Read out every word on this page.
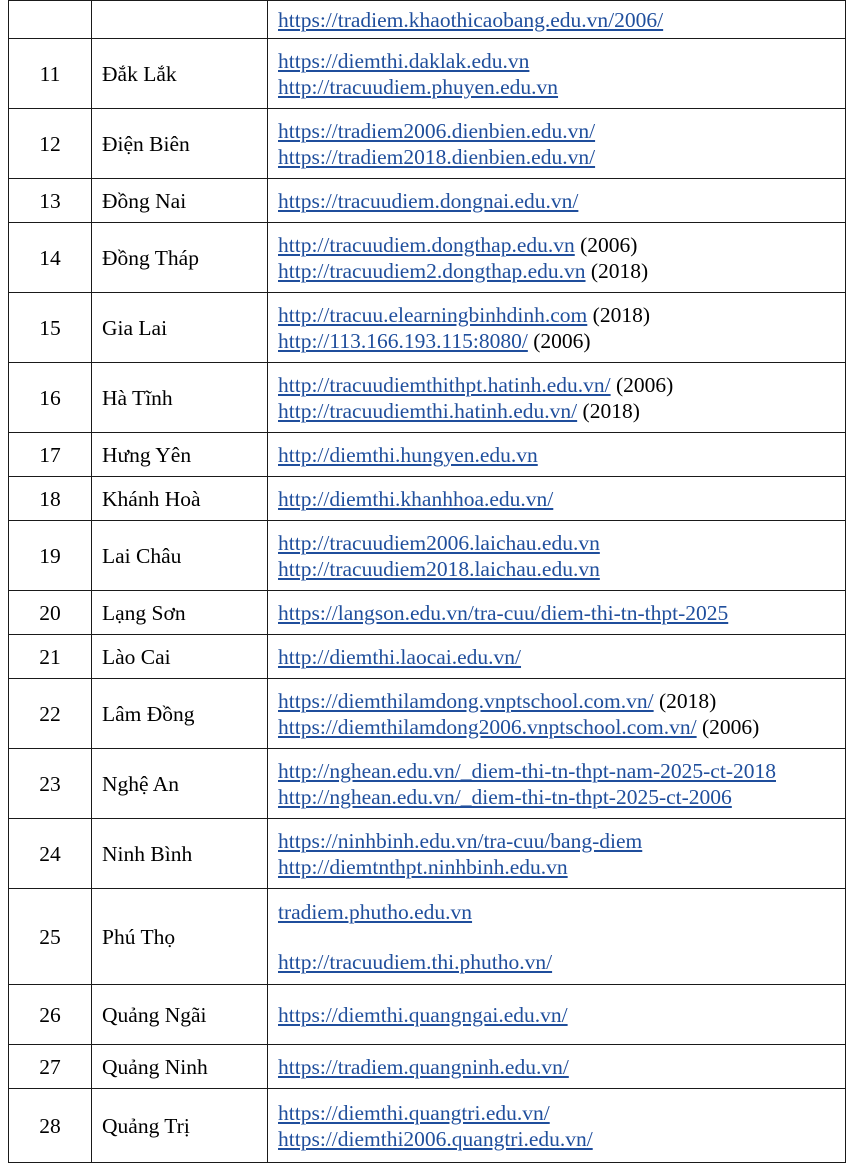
		https://tradiem.khaothicaobang.edu.vn/2006/

11	Đắk Lắk	https://diemthi.daklak.edu.vn
http://tracuudiem.phuyen.edu.vn

12	Điện Biên	https://tradiem2006.dienbien.edu.vn/
https://tradiem2018.dienbien.edu.vn/

13	Đồng Nai	https://tracuudiem.dongnai.edu.vn/

14	Đồng Tháp	http://tracuudiem.dongthap.edu.vn (2006)
http://tracuudiem2.dongthap.edu.vn (2018)

15	Gia Lai	http://tracuu.elearningbinhdinh.com (2018)
http://113.166.193.115:8080/ (2006)

16	Hà Tĩnh	http://tracuudiemthithpt.hatinh.edu.vn/ (2006)
http://tracuudiemthi.hatinh.edu.vn/ (2018)

17	Hưng Yên	http://diemthi.hungyen.edu.vn

18	Khánh Hoà	http://diemthi.khanhhoa.edu.vn/

19	Lai Châu	http://tracuudiem2006.laichau.edu.vn
http://tracuudiem2018.laichau.edu.vn

20	Lạng Sơn	https://langson.edu.vn/tra-cuu/diem-thi-tn-thpt-2025

21	Lào Cai	http://diemthi.laocai.edu.vn/

22	Lâm Đồng	https://diemthilamdong.vnptschool.com.vn/ (2018)
https://diemthilamdong2006.vnptschool.com.vn/ (2006)

23	Nghệ An	http://nghean.edu.vn/_diem-thi-tn-thpt-nam-2025-ct-2018
http://nghean.edu.vn/_diem-thi-tn-thpt-2025-ct-2006

24	Ninh Bình	https://ninhbinh.edu.vn/tra-cuu/bang-diem
http://diemtnthpt.ninhbinh.edu.vn

25	Phú Thọ	tradiem.phutho.edu.vn
http://tracuudiem.thi.phutho.vn/

26	Quảng Ngãi	https://diemthi.quangngai.edu.vn/

27	Quảng Ninh	https://tradiem.quangninh.edu.vn/

28	Quảng Trị	https://diemthi.quangtri.edu.vn/
https://diemthi2006.quangtri.edu.vn/
